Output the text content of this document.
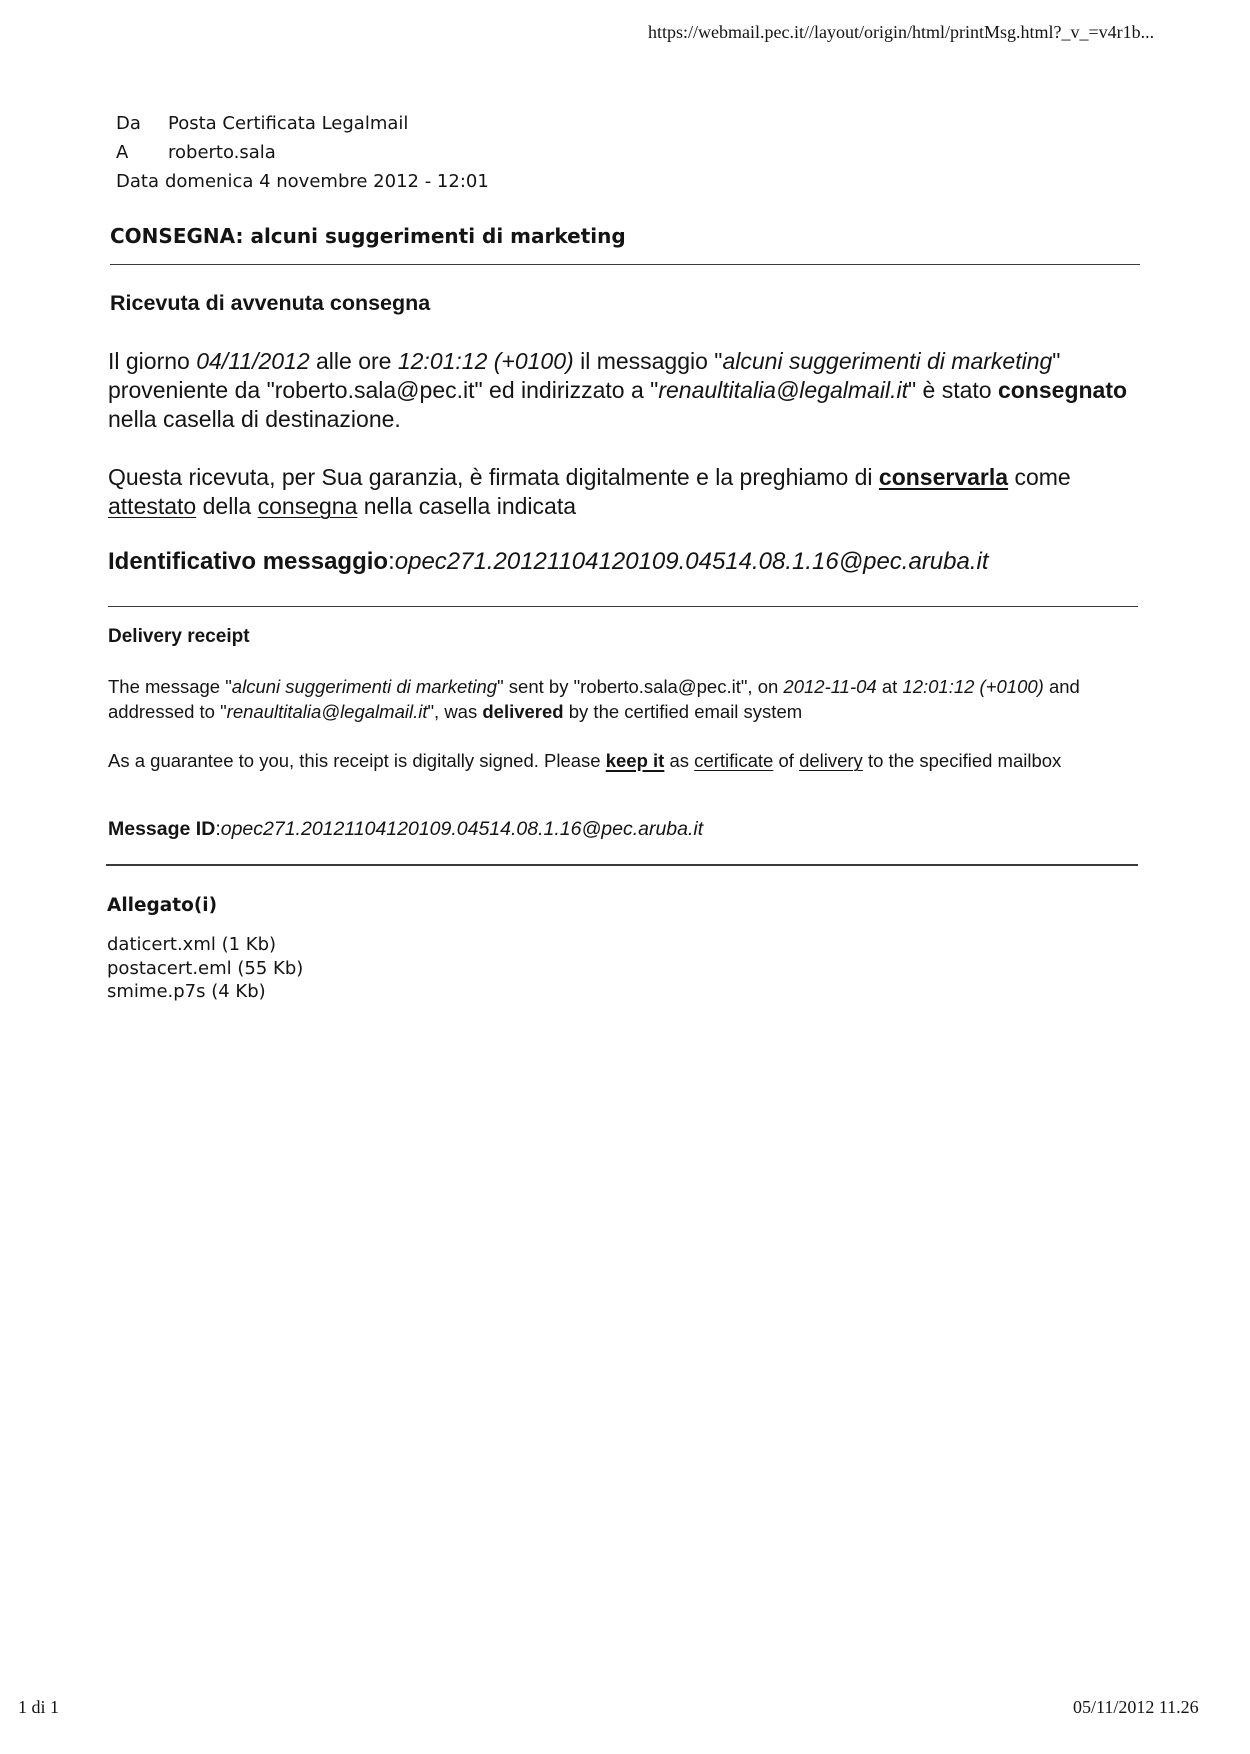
https://webmail.pec.it//layout/origin/html/printMsg.html?_v_=v4r1b...
Da Posta Certificata Legalmail
A roberto.sala
Data domenica 4 novembre 2012 - 12:01
CONSEGNA: alcuni suggerimenti di marketing
Ricevuta di avvenuta consegna
Il giorno 04/11/2012 alle ore 12:01:12 (+0100) il messaggio "alcuni suggerimenti di marketing" proveniente da "roberto.sala@pec.it" ed indirizzato a "renaultitalia@legalmail.it" è stato consegnato nella casella di destinazione.
Questa ricevuta, per Sua garanzia, è firmata digitalmente e la preghiamo di conservarla come attestato della consegna nella casella indicata
Identificativo messaggio:opec271.20121104120109.04514.08.1.16@pec.aruba.it
Delivery receipt
The message "alcuni suggerimenti di marketing" sent by "roberto.sala@pec.it", on 2012-11-04 at 12:01:12 (+0100) and addressed to "renaultitalia@legalmail.it", was delivered by the certified email system
As a guarantee to you, this receipt is digitally signed. Please keep it as certificate of delivery to the specified mailbox
Message ID:opec271.20121104120109.04514.08.1.16@pec.aruba.it
Allegato(i)
daticert.xml (1 Kb)
postacert.eml (55 Kb)
smime.p7s (4 Kb)
1 di 1	05/11/2012 11.26
